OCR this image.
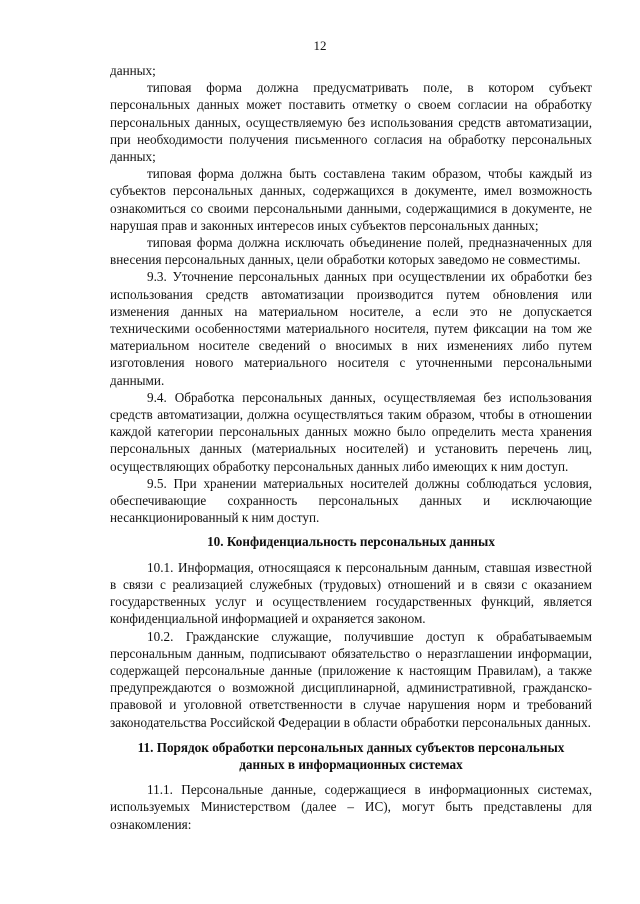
12

данных;

типовая форма должна предусматривать поле, в котором субъект персональных данных может поставить отметку о своем согласии на обработку персональных данных, осуществляемую без использования средств автоматизации, при необходимости получения письменного согласия на обработку персональных данных;

типовая форма должна быть составлена таким образом, чтобы каждый из субъектов персональных данных, содержащихся в документе, имел возможность ознакомиться со своими персональными данными, содержащимися в документе, не нарушая прав и законных интересов иных субъектов персональных данных;

типовая форма должна исключать объединение полей, предназначенных для внесения персональных данных, цели обработки которых заведомо не совместимы.

9.3. Уточнение персональных данных при осуществлении их обработки без использования средств автоматизации производится путем обновления или изменения данных на материальном носителе, а если это не допускается техническими особенностями материального носителя, путем фиксации на том же материальном носителе сведений о вносимых в них изменениях либо путем изготовления нового материального носителя с уточненными персональными данными.

9.4. Обработка персональных данных, осуществляемая без использования средств автоматизации, должна осуществляться таким образом, чтобы в отношении каждой категории персональных данных можно было определить места хранения персональных данных (материальных носителей) и установить перечень лиц, осуществляющих обработку персональных данных либо имеющих к ним доступ.

9.5. При хранении материальных носителей должны соблюдаться условия, обеспечивающие сохранность персональных данных и исключающие несанкционированный к ним доступ.

10. Конфиденциальность персональных данных

10.1. Информация, относящаяся к персональным данным, ставшая известной в связи с реализацией служебных (трудовых) отношений и в связи с оказанием государственных услуг и осуществлением государственных функций, является конфиденциальной информацией и охраняется законом.

10.2. Гражданские служащие, получившие доступ к обрабатываемым персональным данным, подписывают обязательство о неразглашении информации, содержащей персональные данные (приложение к настоящим Правилам), а также предупреждаются о возможной дисциплинарной, административной, гражданско-правовой и уголовной ответственности в случае нарушения норм и требований законодательства Российской Федерации в области обработки персональных данных.

11. Порядок обработки персональных данных субъектов персональных
данных в информационных системах

11.1. Персональные данные, содержащиеся в информационных системах, используемых Министерством (далее – ИС), могут быть представлены для ознакомления:
